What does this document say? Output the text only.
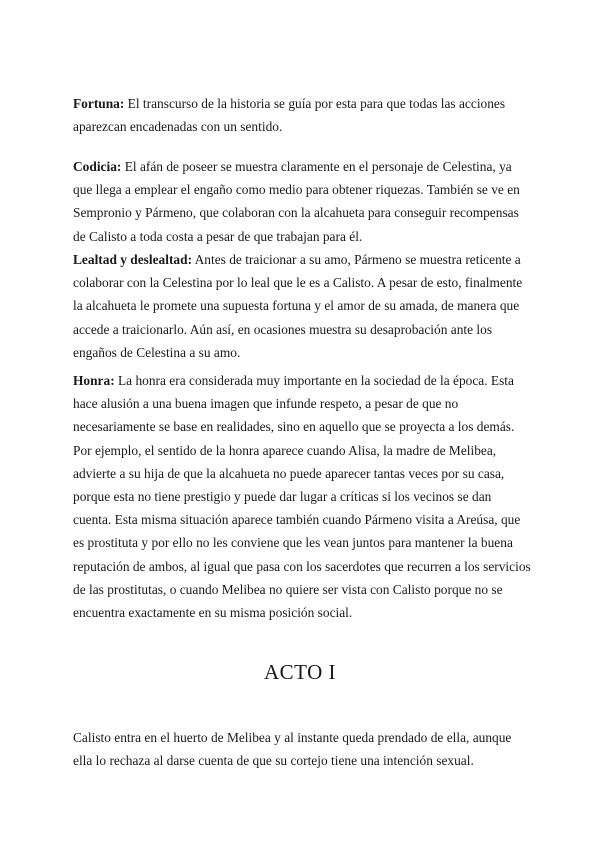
Fortuna: El transcurso de la historia se guía por esta para que todas las acciones
aparezcan encadenadas con un sentido.

Codicia: El afán de poseer se muestra claramente en el personaje de Celestina, ya
que llega a emplear el engaño como medio para obtener riquezas. También se ve en
Sempronio y Pármeno, que colaboran con la alcahueta para conseguir recompensas
de Calisto a toda costa a pesar de que trabajan para él.

Lealtad y deslealtad: Antes de traicionar a su amo, Pármeno se muestra reticente a
colaborar con la Celestina por lo leal que le es a Calisto. A pesar de esto, finalmente
la alcahueta le promete una supuesta fortuna y el amor de su amada, de manera que
accede a traicionarlo. Aún así, en ocasiones muestra su desaprobación ante los
engaños de Celestina a su amo.

Honra: La honra era considerada muy importante en la sociedad de la época. Esta
hace alusión a una buena imagen que infunde respeto, a pesar de que no
necesariamente se base en realidades, sino en aquello que se proyecta a los demás.
Por ejemplo, el sentido de la honra aparece cuando Alisa, la madre de Melibea,
advierte a su hija de que la alcahueta no puede aparecer tantas veces por su casa,
porque esta no tiene prestigio y puede dar lugar a críticas si los vecinos se dan
cuenta. Esta misma situación aparece también cuando Pármeno visita a Areúsa, que
es prostituta y por ello no les conviene que les vean juntos para mantener la buena
reputación de ambos, al igual que pasa con los sacerdotes que recurren a los servicios
de las prostitutas, o cuando Melibea no quiere ser vista con Calisto porque no se
encuentra exactamente en su misma posición social.

ACTO I

Calisto entra en el huerto de Melibea y al instante queda prendado de ella, aunque
ella lo rechaza al darse cuenta de que su cortejo tiene una intención sexual.
